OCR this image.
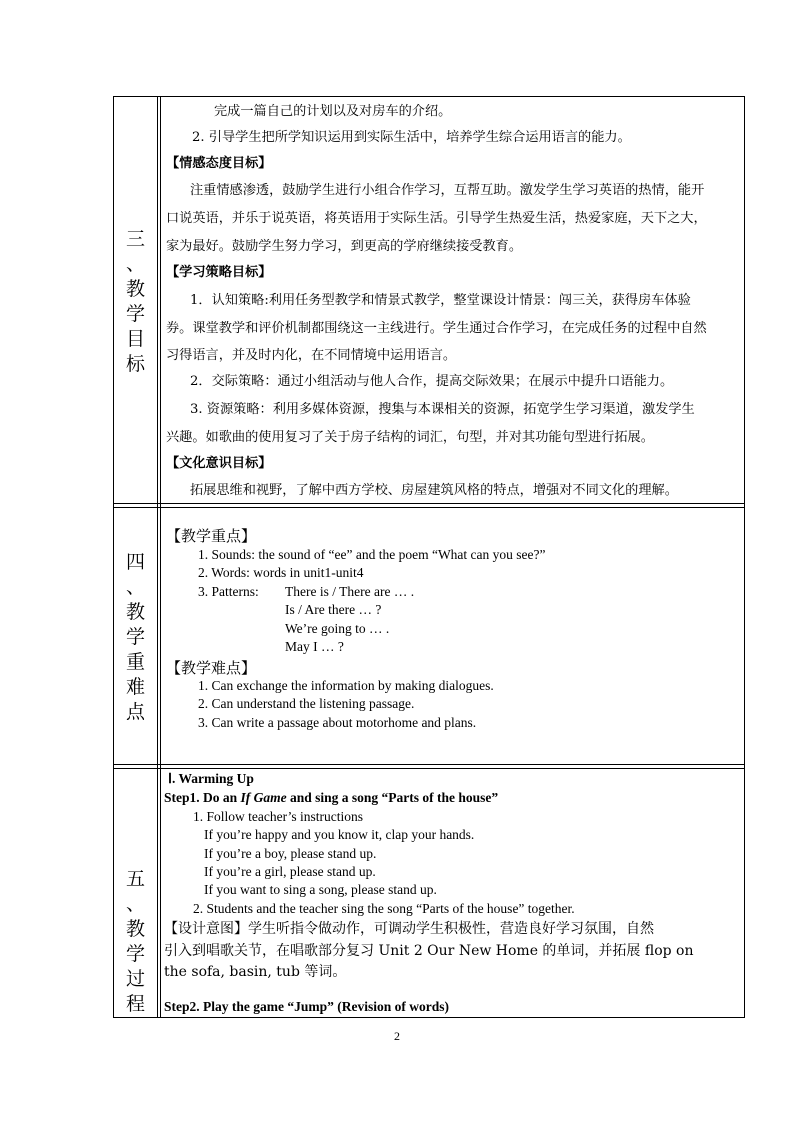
三
、
教
学
目
标
完成一篇自己的计划以及对房车的介绍。
2. 引导学生把所学知识运用到实际生活中，培养学生综合运用语言的能力。
【情感态度目标】
注重情感渗透，鼓励学生进行小组合作学习，互帮互助。激发学生学习英语的热情，能开
口说英语，并乐于说英语，将英语用于实际生活。引导学生热爱生活，热爱家庭，天下之大，
家为最好。鼓励学生努力学习，到更高的学府继续接受教育。
【学习策略目标】
1．认知策略:利用任务型教学和情景式教学，整堂课设计情景：闯三关，获得房车体验
券。课堂教学和评价机制都围绕这一主线进行。学生通过合作学习，在完成任务的过程中自然
习得语言，并及时内化，在不同情境中运用语言。
2．交际策略：通过小组活动与他人合作，提高交际效果；在展示中提升口语能力。
3. 资源策略：利用多媒体资源，搜集与本课相关的资源，拓宽学生学习渠道，激发学生
兴趣。如歌曲的使用复习了关于房子结构的词汇，句型，并对其功能句型进行拓展。
【文化意识目标】
拓展思维和视野，了解中西方学校、房屋建筑风格的特点，增强对不同文化的理解。
四
、
教
学
重
难
点
【教学重点】
1. Sounds: the sound of “ee” and the poem “What can you see?”
2. Words: words in unit1-unit4
3. Patterns: There is / There are … .
Is / Are there … ?
We’re going to … .
May I … ?
【教学难点】
1. Can exchange the information by making dialogues.
2. Can understand the listening passage.
3. Can write a passage about motorhome and plans.
五
、
教
学
过
程
Ⅰ. Warming Up
Step1. Do an If Game and sing a song “Parts of the house”
1. Follow teacher’s instructions
If you’re happy and you know it, clap your hands.
If you’re a boy, please stand up.
If you’re a girl, please stand up.
If you want to sing a song, please stand up.
2. Students and the teacher sing the song “Parts of the house” together.
【设计意图】学生听指令做动作，可调动学生积极性，营造良好学习氛围，自然
引入到唱歌关节，在唱歌部分复习 Unit 2 Our New Home 的单词，并拓展 flop on
the sofa, basin, tub 等词。
Step2. Play the game “Jump” (Revision of words)
2
